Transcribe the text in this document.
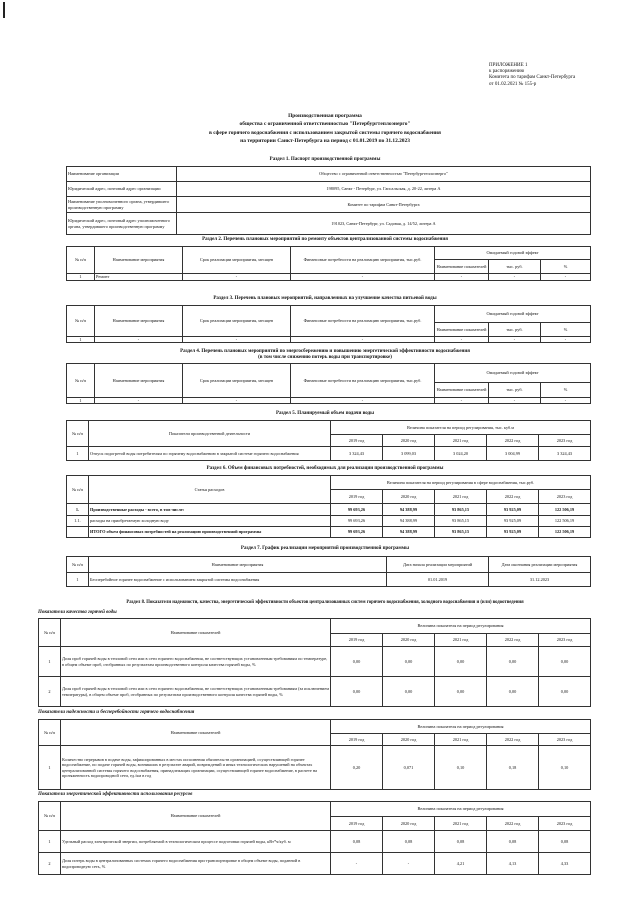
ПРИЛОЖЕНИЕ 1
к распоряжению
Комитета по тарифам Санкт-Петербурга
от 01.02.2021 № 155-р
Производственная программа
общества с ограниченной ответственностью "Петербургтеплоэнерго"
в сфере горячего водоснабжения с использованием закрытой системы горячего водоснабжения
на территории Санкт-Петербурга на период с 01.01.2019 по 31.12.2023
Раздел 1. Паспорт производственной программы
Наименование организации	Общество с ограниченной ответственностью "Петербургтеплоэнерго"
Юридический адрес, почтовый адрес организации	198095, Санкт - Петербург, ул. Гапсальская, д. 20-22, литера А
Наименование уполномоченного органа, утвердившего производственную программу	Комитет по тарифам Санкт-Петербурга
Юридический адрес, почтовый адрес уполномоченного органа, утвердившего производственную программу	191023, Санкт-Петербург, ул. Садовая, д. 14/52, литера А
Раздел 2. Перечень плановых мероприятий по ремонту объектов централизованной системы водоснабжения
№ п/п	Наименование мероприятия	Срок реализации мероприятия, месяцев	Финансовые потребности на реализацию мероприятия, тыс.руб.	Ожидаемый годовой эффект		
				Наименование показателей	тыс. руб.	%
1	Ремонт	-	-	-	-	-
Раздел 3. Перечень плановых мероприятий, направленных на улучшение качества питьевой воды
№ п/п	Наименование мероприятия	Срок реализации мероприятия, месяцев	Финансовые потребности на реализацию мероприятия, тыс.руб.	Ожидаемый годовой эффект		
				Наименование показателей	тыс. руб.	%
1	-	-	-	-	-	-
Раздел 4. Перечень плановых мероприятий по энергосбережению и повышению энергетической эффективности водоснабжения
(в том числе снижению потерь воды при транспортировке)
№ п/п	Наименование мероприятия	Срок реализации мероприятия, месяцев	Финансовые потребности на реализацию мероприятия, тыс.руб.	Ожидаемый годовой эффект		
				Наименование показателей	тыс. руб.	%
1	-	-	-	-	-	-
Раздел 5. Планируемый объем подачи воды
№ п/п	Показатели производственной деятельности	Величина показателя на период регулирования, тыс. куб.м				
		2019 год	2020 год	2021 год	2022 год	2023 год
1	Отпуск подогретой воды потребителям по горячему водоснабжению в закрытой системе горячего водоснабжения	3 324,43	3 099,03	3 024,20	3 004,99	3 324,43
Раздел 6. Объем финансовых потребностей, необходимых для реализации производственной программы
№ п/п	Статья расходов	Величина показателя на период регулирования в сфере водоснабжения, тыс.руб.				
		2019 год	2020 год	2021 год	2022 год	2023 год
1.	Производственные расходы - всего, в том числе:	99 693,26	94 388,99	93 865,15	93 925,09	122 506,19
1.1.	расходы на приобретаемую холодную воду	99 693,26	94 388,99	93 865,15	93 925,09	122 506,19
	ИТОГО объем финансовых потребностей на реализацию производственной программы	99 693,26	94 388,99	93 865,15	93 925,09	122 506,19
Раздел 7. График реализации мероприятий производственной программы
№ п/п	Наименование мероприятия	Дата начала реализации мероприятий	Дата окончания реализации мероприятия
1	Бесперебойное горячее водоснабжение с использованием закрытой системы водоснабжения	01.01.2019	31.12.2023
Раздел 8. Показатели надежности, качества, энергетической эффективности объектов централизованных систем горячего водоснабжения, холодного водоснабжения и (или) водоотведения
Показатели качества горячей воды
№ п/п	Наименование показателей	Величина показателя на период регулирования				
		2019 год	2020 год	2021 год	2022 год	2023 год
1	Доля проб горячей воды в тепловой сети или в сети горячего водоснабжения, не соответствующих установленным требованиям по температуре, в общем объеме проб, отобранных по результатам производственного контроля качества горячей воды, %	0,00	0,00	0,00	0,00	0,00
2	Доля проб горячей воды в тепловой сети или в сети горячего водоснабжения, не соответствующих установленным требованиям (за исключением температуры), в общем объеме проб, отобранных по результатам производственного контроля качества горячей воды, %	0,00	0,00	0,00	0,00	0,00
Показатели надежности и бесперебойности горячего водоснабжения
№ п/п	Наименование показателей	Величина показателя на период регулирования				
		2019 год	2020 год	2021 год	2022 год	2023 год
1	Количество перерывов в подаче воды, зафиксированных в местах исполнения обязательств организацией, осуществляющей горячее водоснабжение, по подаче горячей воды, возникших в результате аварий, повреждений и иных технологических нарушений на объектах централизованной системы горячего водоснабжения, принадлежащих организации, осуществляющей горячее водоснабжение, в расчете на протяженность водопроводной сети, ед./км в год	0,20	0,071	0,10	0,18	0,10
Показатели энергетической эффективности использования ресурсов
№ п/п	Наименование показателей	Величина показателя на период регулирования				
		2019 год	2020 год	2021 год	2022 год	2023 год
1	Удельный расход электрической энергии, потребляемой в технологическом процессе подготовки горячей воды, кВт*ч/куб. м	0,08	0,08	0,08	0,08	0,08
2	Доля потерь воды в централизованных системах горячего водоснабжения при транспортировке в общем объеме воды, поданной в водопроводную сеть, %	-	-	4,21	4,13	4,33
